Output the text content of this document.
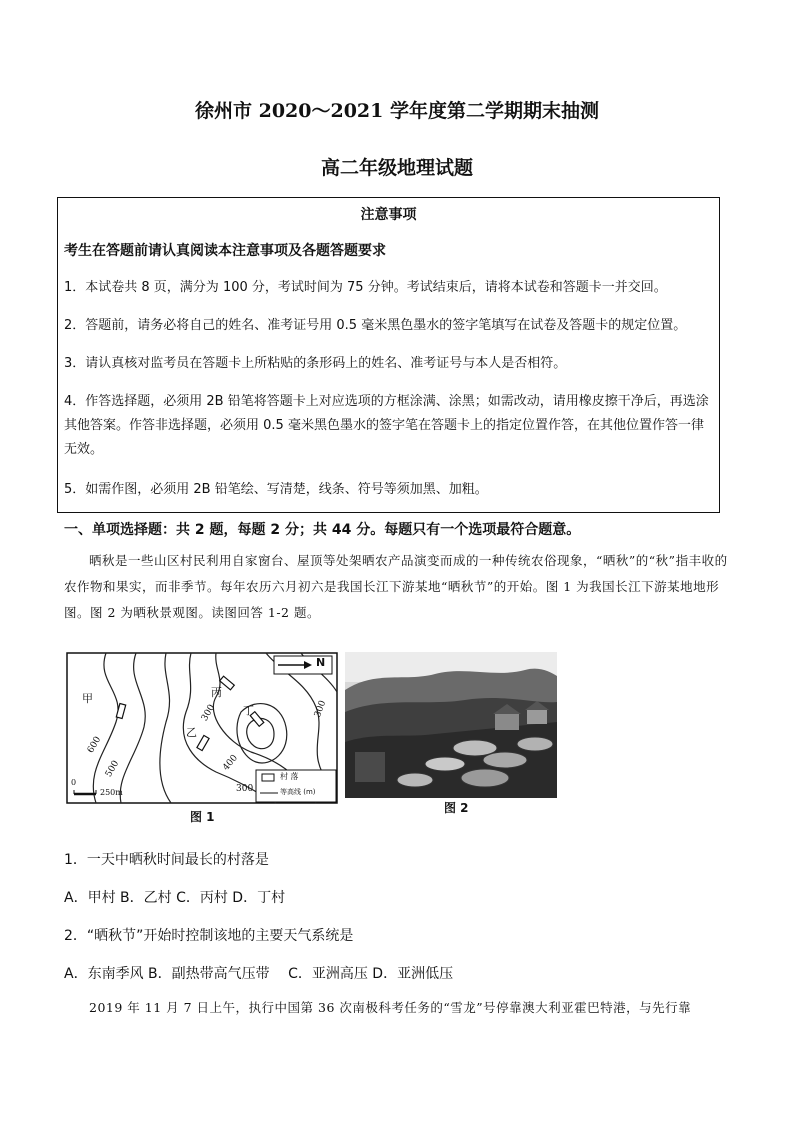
徐州市 2020～2021 学年度第二学期期末抽测
高二年级地理试题
注意事项
考生在答题前请认真阅读本注意事项及各题答题要求
1．本试卷共 8 页，满分为 100 分，考试时间为 75 分钟。考试结束后，请将本试卷和答题卡一并交回。
2．答题前，请务必将自己的姓名、准考证号用 0.5 毫米黑色墨水的签字笔填写在试卷及答题卡的规定位置。
3．请认真核对监考员在答题卡上所粘贴的条形码上的姓名、准考证号与本人是否相符。
4．作答选择题，必须用 2B 铅笔将答题卡上对应选项的方框涂满、涂黑；如需改动，请用橡皮擦干净后，再选涂其他答案。作答非选择题，必须用 0.5 毫米黑色墨水的签字笔在答题卡上的指定位置作答，在其他位置作答一律无效。
5．如需作图，必须用 2B 铅笔绘、写清楚，线条、符号等须加黑、加粗。
一、单项选择题：共 2 题，每题 2 分；共 44 分。每题只有一个选项最符合题意。
晒秋是一些山区村民利用自家窗台、屋顶等处架晒农产品演变而成的一种传统农俗现象，“晒秋”的“秋”指丰收的农作物和果实，而非季节。每年农历六月初六是我国长江下游某地“晒秋节”的开始。图 1 为我国长江下游某地地形图。图 2 为晒秋景观图。读图回答 1-2 题。
N
甲
乙
丙
丁
600
500
300
400
300
300
村 落
等高线 (m)
0
250m
图 1
图 2
1．一天中晒秋时间最长的村落是
A．甲村 B．乙村 C．丙村 D．丁村
2．“晒秋节”开始时控制该地的主要天气系统是
A．东南季风 B．副热带高气压带　 C．亚洲高压 D．亚洲低压
2019 年 11 月 7 日上午，执行中国第 36 次南极科考任务的“雪龙”号停靠澳大利亚霍巴特港，与先行靠
